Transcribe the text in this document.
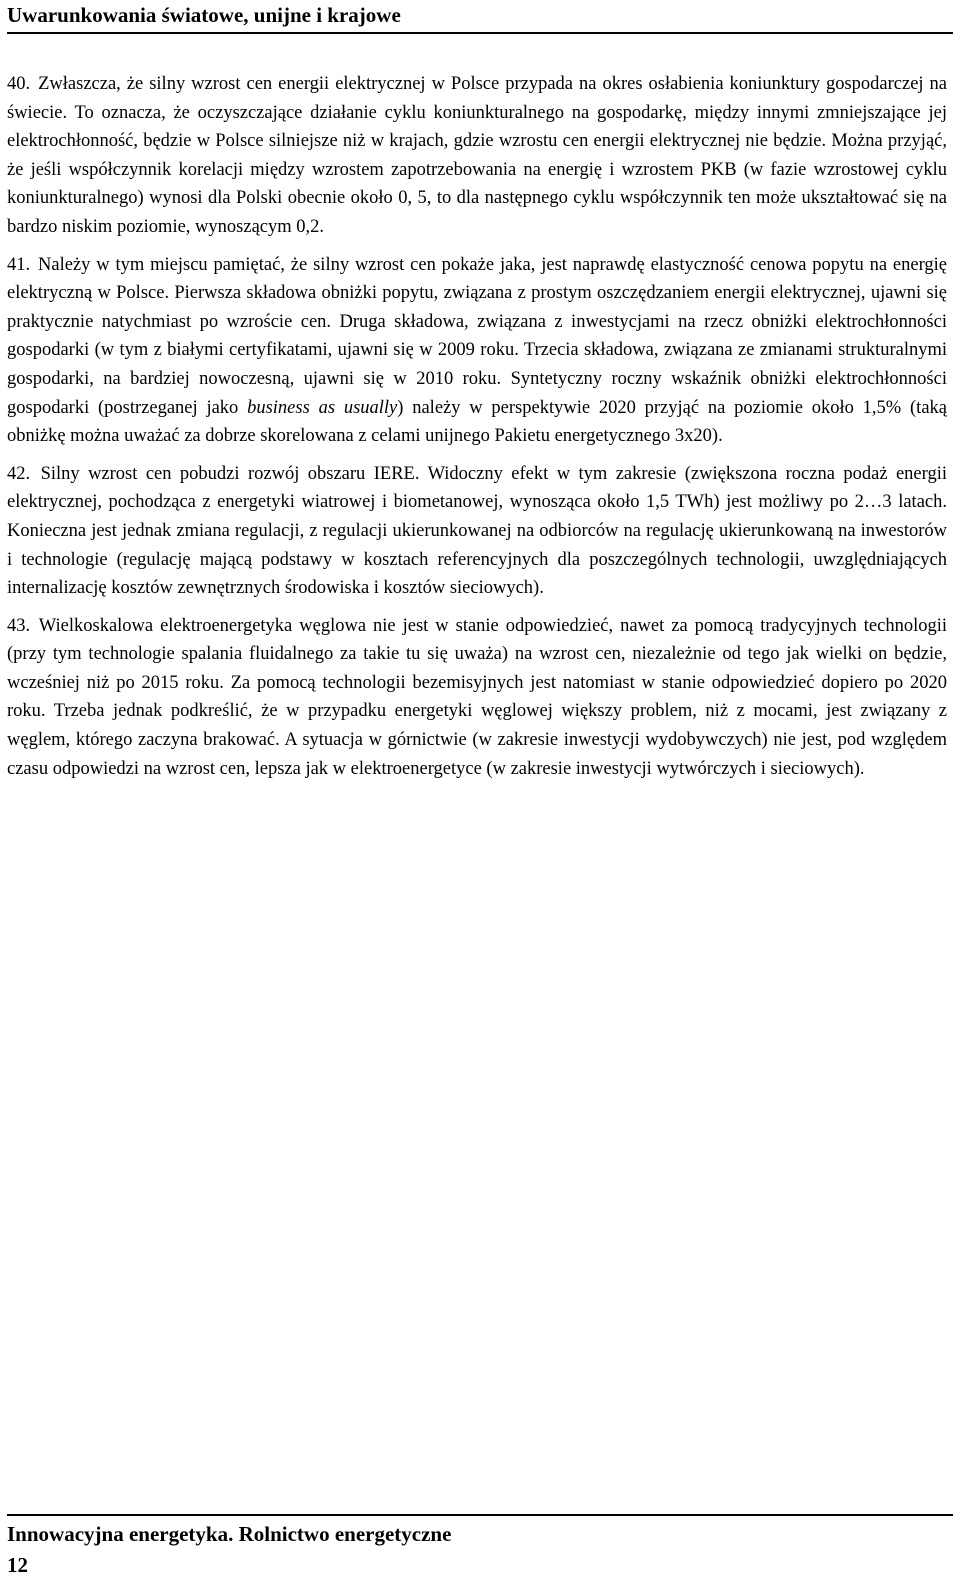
Uwarunkowania światowe, unijne i krajowe

40. Zwłaszcza, że silny wzrost cen energii elektrycznej w Polsce przypada na okres osłabienia koniunktury gospodarczej na świecie. To oznacza, że oczyszczające działanie cyklu koniunkturalnego na gospodarkę, między innymi zmniejszające jej elektrochłonność, będzie w Polsce silniejsze niż w krajach, gdzie wzrostu cen energii elektrycznej nie będzie. Można przyjąć, że jeśli współczynnik korelacji między wzrostem zapotrzebowania na energię i wzrostem PKB (w fazie wzrostowej cyklu koniunkturalnego) wynosi dla Polski obecnie około 0, 5, to dla następnego cyklu współczynnik ten może ukształtować się na bardzo niskim poziomie, wynoszącym 0,2.

41. Należy w tym miejscu pamiętać, że silny wzrost cen pokaże jaka, jest naprawdę elastyczność cenowa popytu na energię elektryczną w Polsce. Pierwsza składowa obniżki popytu, związana z prostym oszczędzaniem energii elektrycznej, ujawni się praktycznie natychmiast po wzroście cen. Druga składowa, związana z inwestycjami na rzecz obniżki elektrochłonności gospodarki (w tym z białymi certyfikatami, ujawni się w 2009 roku. Trzecia składowa, związana ze zmianami strukturalnymi gospodarki, na bardziej nowoczesną, ujawni się w 2010 roku. Syntetyczny roczny wskaźnik obniżki elektrochłonności gospodarki (postrzeganej jako business as usually) należy w perspektywie 2020 przyjąć na poziomie około 1,5% (taką obniżkę można uważać za dobrze skorelowana z celami unijnego Pakietu energetycznego 3x20).

42. Silny wzrost cen pobudzi rozwój obszaru IERE. Widoczny efekt w tym zakresie (zwiększona roczna podaż energii elektrycznej, pochodząca z energetyki wiatrowej i biometanowej, wynosząca około 1,5 TWh) jest możliwy po 2…3 latach. Konieczna jest jednak zmiana regulacji, z regulacji ukierunkowanej na odbiorców na regulację ukierunkowaną na inwestorów i technologie (regulację mającą podstawy w kosztach referencyjnych dla poszczególnych technologii, uwzględniających internalizację kosztów zewnętrznych środowiska i kosztów sieciowych).

43. Wielkoskalowa elektroenergetyka węglowa nie jest w stanie odpowiedzieć, nawet za pomocą tradycyjnych technologii (przy tym technologie spalania fluidalnego za takie tu się uważa) na wzrost cen, niezależnie od tego jak wielki on będzie, wcześniej niż po 2015 roku. Za pomocą technologii bezemisyjnych jest natomiast w stanie odpowiedzieć dopiero po 2020 roku. Trzeba jednak podkreślić, że w przypadku energetyki węglowej większy problem, niż z mocami, jest związany z węglem, którego zaczyna brakować. A sytuacja w górnictwie (w zakresie inwestycji wydobywczych) nie jest, pod względem czasu odpowiedzi na wzrost cen, lepsza jak w elektroenergetyce (w zakresie inwestycji wytwórczych i sieciowych).

Innowacyjna energetyka. Rolnictwo energetyczne
12
